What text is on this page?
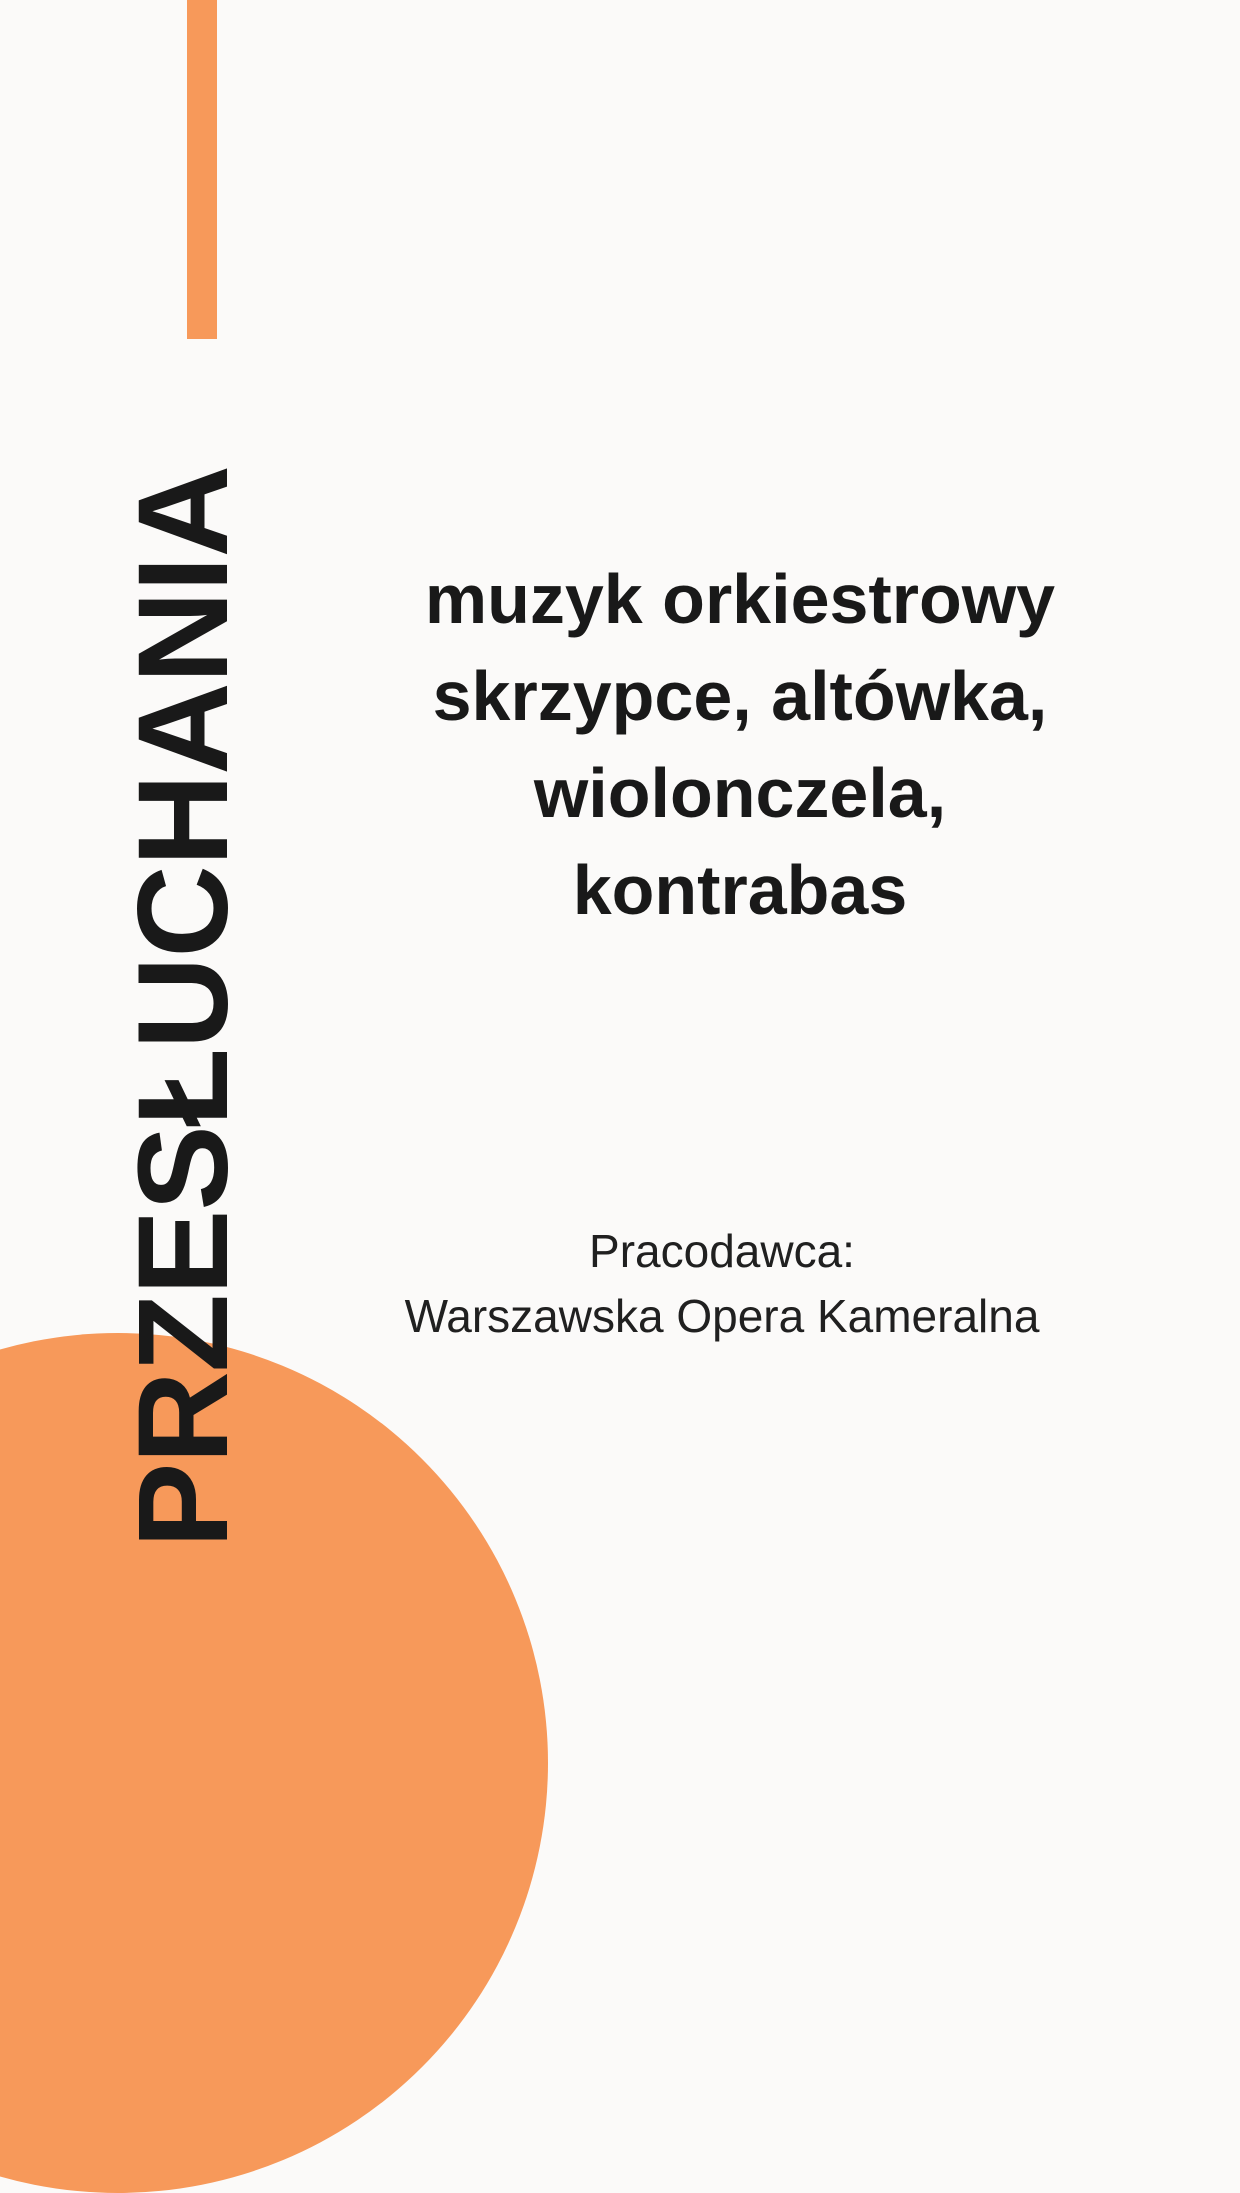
PRZESŁUCHANIA	muzyk orkiestrowy
skrzypce, altówka,
wiolonczela,
kontrabas
Pracodawca:
Warszawska Opera Kameralna
